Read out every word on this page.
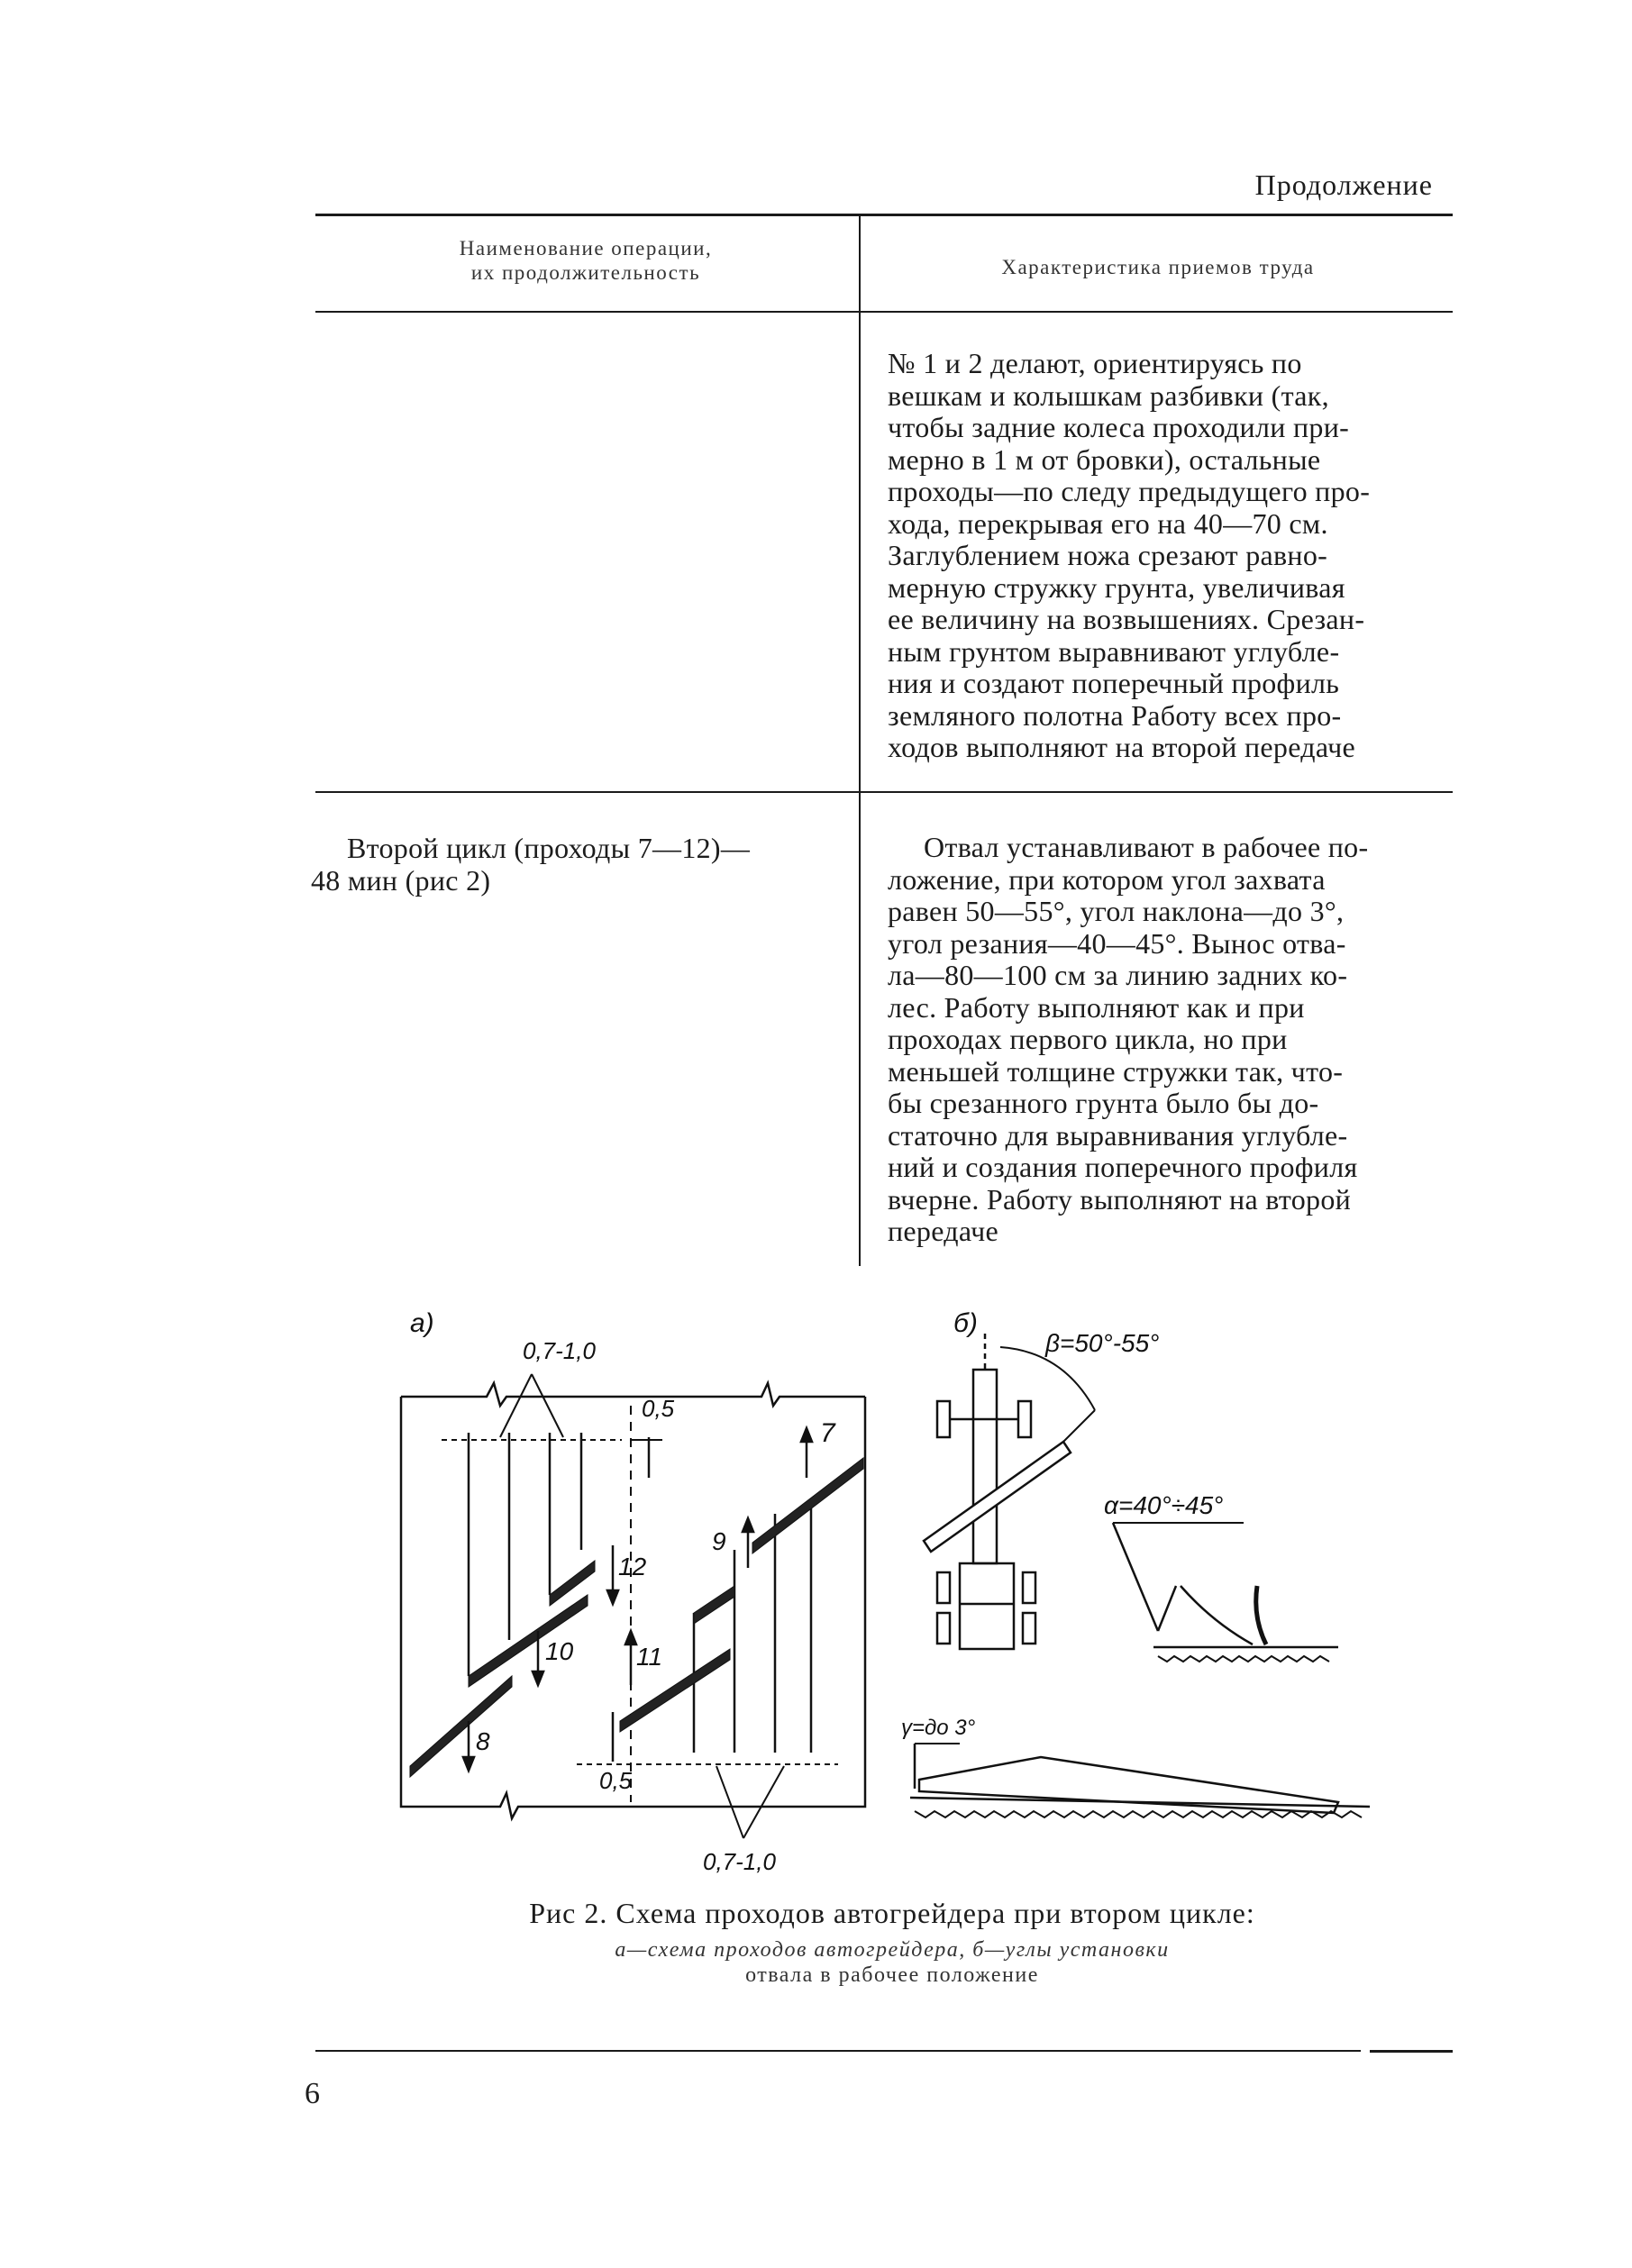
Продолжение
Наименование операции,
их продолжительность	Характеристика приемов труда
№ 1 и 2 делают, ориентируясь по
вешкам и колышкам разбивки (так,
чтобы задние колеса проходили при-
мерно в 1 м от бровки), остальные
проходы—по следу предыдущего про-
хода, перекрывая его на 40—70 см.
Заглублением ножа срезают равно-
мерную стружку грунта, увеличивая
ее величину на возвышениях. Срезан-
ным грунтом выравнивают углубле-
ния и создают поперечный профиль
земляного полотна Работу всех про-
ходов выполняют на второй передаче
Второй цикл (проходы 7—12)—
48 мин (рис 2)
Отвал устанавливают в рабочее по-
ложение, при котором угол захвата
равен 50—55°, угол наклона—до 3°,
угол резания—40—45°. Вынос отва-
ла—80—100 см за линию задних ко-
лес. Работу выполняют как и при
проходах первого цикла, но при
меньшей толщине стружки так, что-
бы срезанного грунта было бы до-
статочно для выравнивания углубле-
ний и создания поперечного профиля
вчерне. Работу выполняют на второй
передаче
а)
0,7-1,0
0,5
0,5
0,7-1,0
7
9
12
11
10
8
б)
β=50°-55°
α=40°÷45°
γ=до 3°
Рис 2. Схема проходов автогрейдера при втором цикле:
а—схема проходов автогрейдера, б—углы установки
отвала в рабочее положение
6
